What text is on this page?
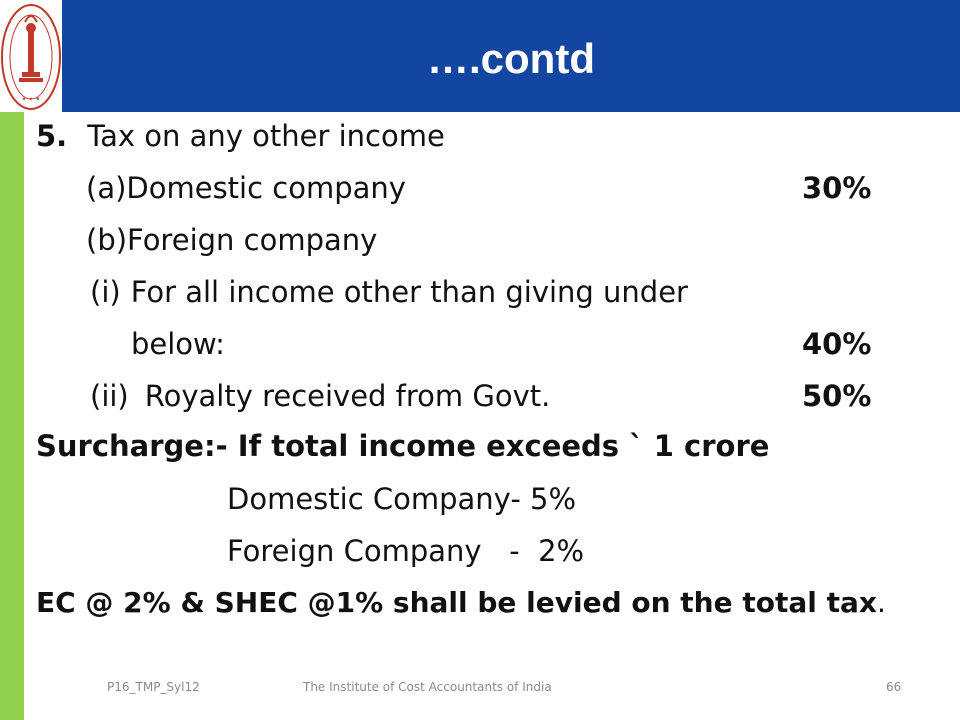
….contd
✦ ✦ ✦
5. Tax on any other income
(a)Domestic company	30%
(b)Foreign company
(i) For all income other than giving under
below:	40%
(ii) Royalty received from Govt.	50%
Surcharge:- If total income exceeds ` 1 crore
Domestic Company- 5%
Foreign Company   -  2%
EC @ 2% & SHEC @1% shall be levied on the total tax.
P16_TMP_Syl12	The Institute of Cost Accountants of India	66
